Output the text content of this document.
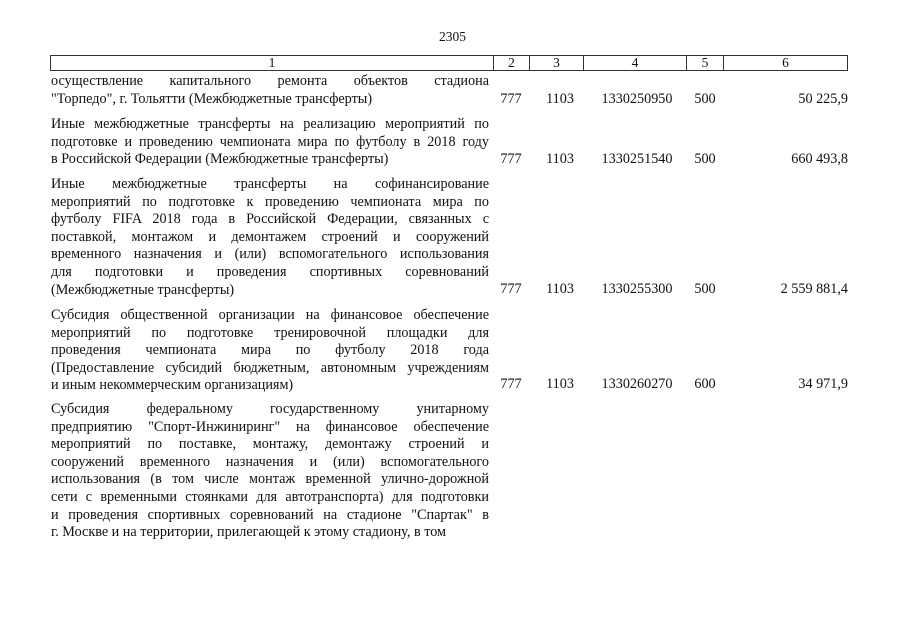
2305
1	2	3	4	5	6
осуществление капитального ремонта объектов стадиона
"Торпедо", г. Тольятти (Межбюджетные трансферты)	777	1103	1330250950	500	50 225,9
Иные межбюджетные трансферты на реализацию мероприятий по
подготовке и проведению чемпионата мира по футболу в 2018 году
в Российской Федерации (Межбюджетные трансферты)	777	1103	1330251540	500	660 493,8
Иные межбюджетные трансферты на софинансирование
мероприятий по подготовке к проведению чемпионата мира по
футболу FIFA 2018 года в Российской Федерации, связанных с
поставкой, монтажом и демонтажем строений и сооружений
временного назначения и (или) вспомогательного использования
для подготовки и проведения спортивных соревнований
(Межбюджетные трансферты)	777	1103	1330255300	500	2 559 881,4
Субсидия общественной организации на финансовое обеспечение
мероприятий по подготовке тренировочной площадки для
проведения чемпионата мира по футболу 2018 года
(Предоставление субсидий бюджетным, автономным учреждениям
и иным некоммерческим организациям)	777	1103	1330260270	600	34 971,9
Субсидия федеральному государственному унитарному
предприятию "Спорт-Инжиниринг" на финансовое обеспечение
мероприятий по поставке, монтажу, демонтажу строений и
сооружений временного назначения и (или) вспомогательного
использования (в том числе монтаж временной улично-дорожной
сети с временными стоянками для автотранспорта) для подготовки
и проведения спортивных соревнований на стадионе "Спартак" в
г. Москве и на территории, прилегающей к этому стадиону, в том
